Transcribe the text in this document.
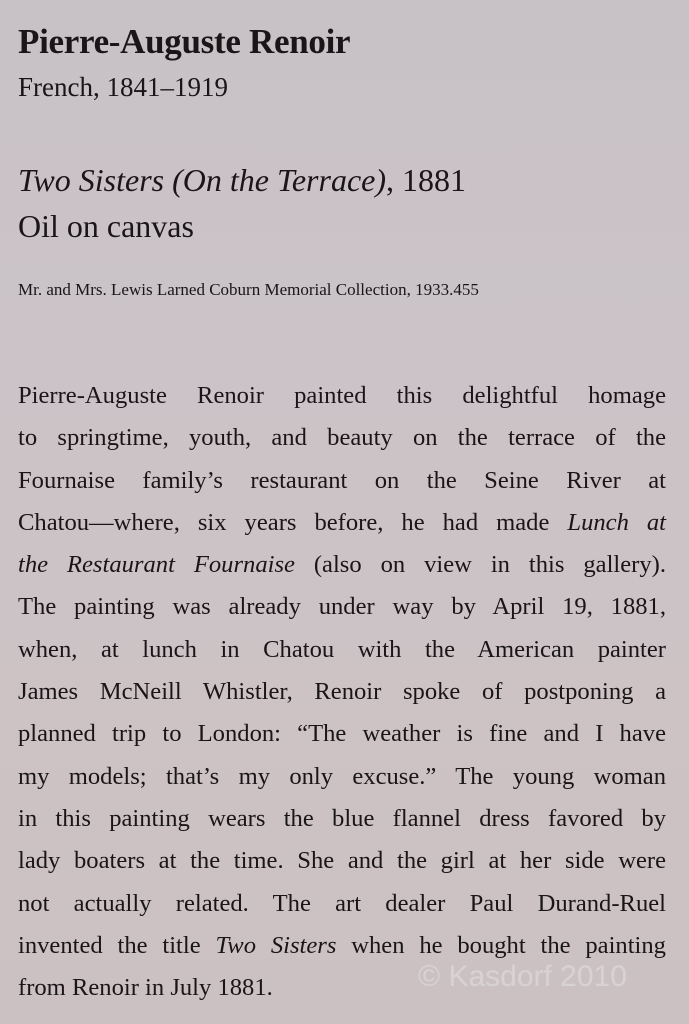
Pierre-Auguste Renoir
French, 1841–1919
Two Sisters (On the Terrace), 1881
Oil on canvas
Mr. and Mrs. Lewis Larned Coburn Memorial Collection, 1933.455
Pierre-Auguste Renoir painted this delightful homage
to springtime, youth, and beauty on the terrace of the
Fournaise family’s restaurant on the Seine River at
Chatou—where, six years before, he had made Lunch at
the Restaurant Fournaise (also on view in this gallery).
The painting was already under way by April 19, 1881,
when, at lunch in Chatou with the American painter
James McNeill Whistler, Renoir spoke of postponing a
planned trip to London: “The weather is fine and I have
my models; that’s my only excuse.” The young woman
in this painting wears the blue flannel dress favored by
lady boaters at the time. She and the girl at her side were
not actually related. The art dealer Paul Durand-Ruel
invented the title Two Sisters when he bought the painting
from Renoir in July 1881.	© Kasdorf 2010
